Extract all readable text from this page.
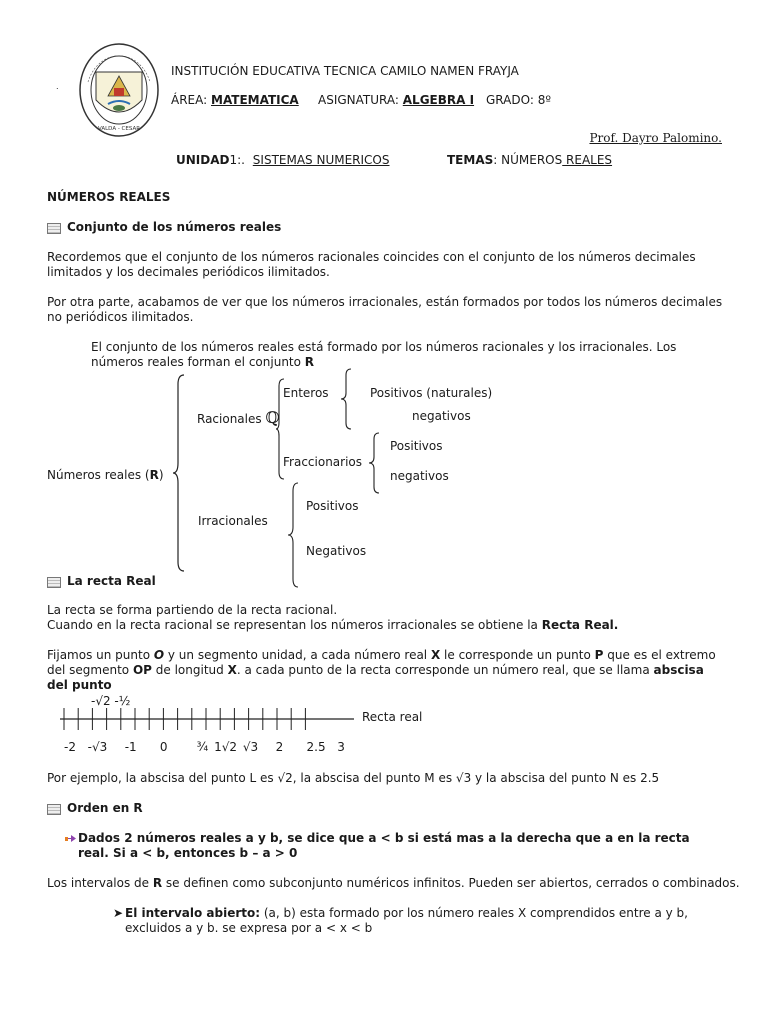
VALDA - CESAR
.
INSTITUCIÓN EDUCATIVA TECNICA CAMILO NAMEN FRAYJA
ÁREA: MATEMATICA ASIGNATURA: ALGEBRA I GRADO: 8º
Prof. Dayro Palomino.
UNIDAD1:. SISTEMAS NUMERICOS	TEMAS: NÚMEROS REALES
NÚMEROS REALES
Conjunto de los números reales

Recordemos que el conjunto de los números racionales coincides con el conjunto de los números decimales limitados y los decimales periódicos ilimitados.

Por otra parte, acabamos de ver que los números irracionales, están formados por todos los números decimales no periódicos ilimitados.

El conjunto de los números reales está formado por los números racionales y los irracionales. Los números reales forman el conjunto R

Números reales (R)
Racionales ℚ
Enteros	Positivos (naturales)
negativos
Fraccionarios
Positivos
negativos
Irracionales
Positivos
Negativos
La recta Real
La recta se forma partiendo de la recta racional.
Cuando en la recta racional se representan los números irracionales se obtiene la Recta Real.

Fijamos un punto O y un segmento unidad, a cada número real X le corresponde un punto P que es el extremo del segmento OP de longitud X. a cada punto de la recta corresponde un número real, que se llama abscisa del punto

-√2 -½
Recta real
-2 -√3 -1 0 ¾ 1√2 √3 2 2.5 3
Por ejemplo, la abscisa del punto L es √2, la abscisa del punto M es √3 y la abscisa del punto N es 2.5
Orden en R

Dados 2 números reales a y b, se dice que a < b si está mas a la derecha que a en la recta real. Si a < b, entonces b – a > 0

Los intervalos de R se definen como subconjunto numéricos infinitos. Pueden ser abiertos, cerrados o combinados.
➤ El intervalo abierto: (a, b) esta formado por los número reales X comprendidos entre a y b, excluidos a y b. se expresa por a < x < b
